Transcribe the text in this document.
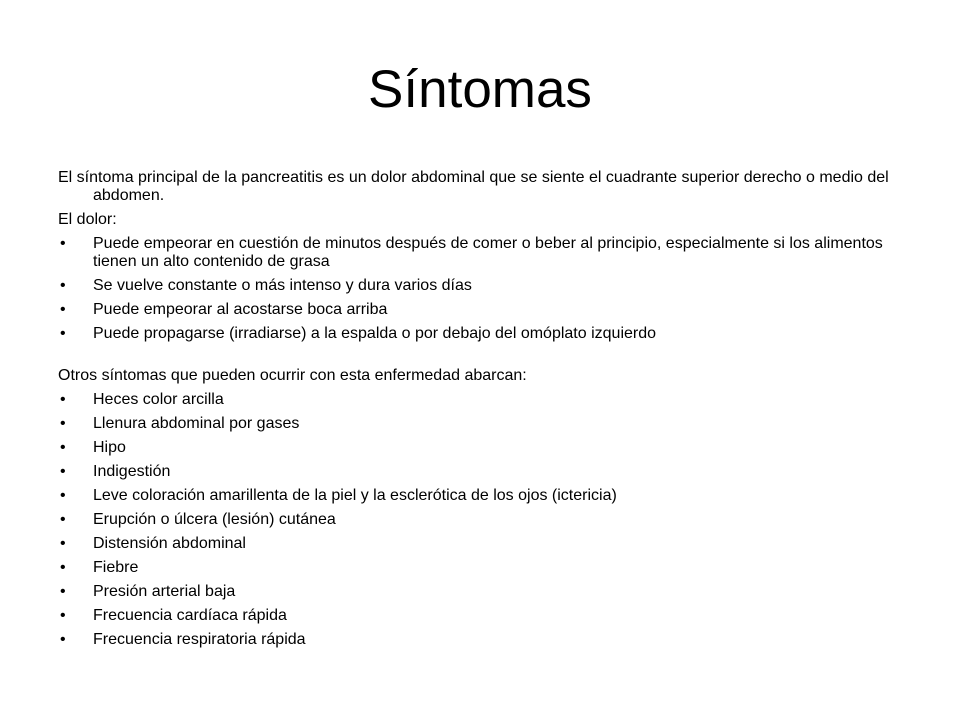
Síntomas

El síntoma principal de la pancreatitis es un dolor abdominal que se siente el cuadrante superior derecho o medio del abdomen.

El dolor:

• Puede empeorar en cuestión de minutos después de comer o beber al principio, especialmente si los alimentos tienen un alto contenido de grasa
• Se vuelve constante o más intenso y dura varios días
• Puede empeorar al acostarse boca arriba
• Puede propagarse (irradiarse) a la espalda o por debajo del omóplato izquierdo

Otros síntomas que pueden ocurrir con esta enfermedad abarcan:

• Heces color arcilla
• Llenura abdominal por gases
• Hipo
• Indigestión
• Leve coloración amarillenta de la piel y la esclerótica de los ojos (ictericia)
• Erupción o úlcera (lesión) cutánea
• Distensión abdominal
• Fiebre
• Presión arterial baja
• Frecuencia cardíaca rápida
• Frecuencia respiratoria rápida
